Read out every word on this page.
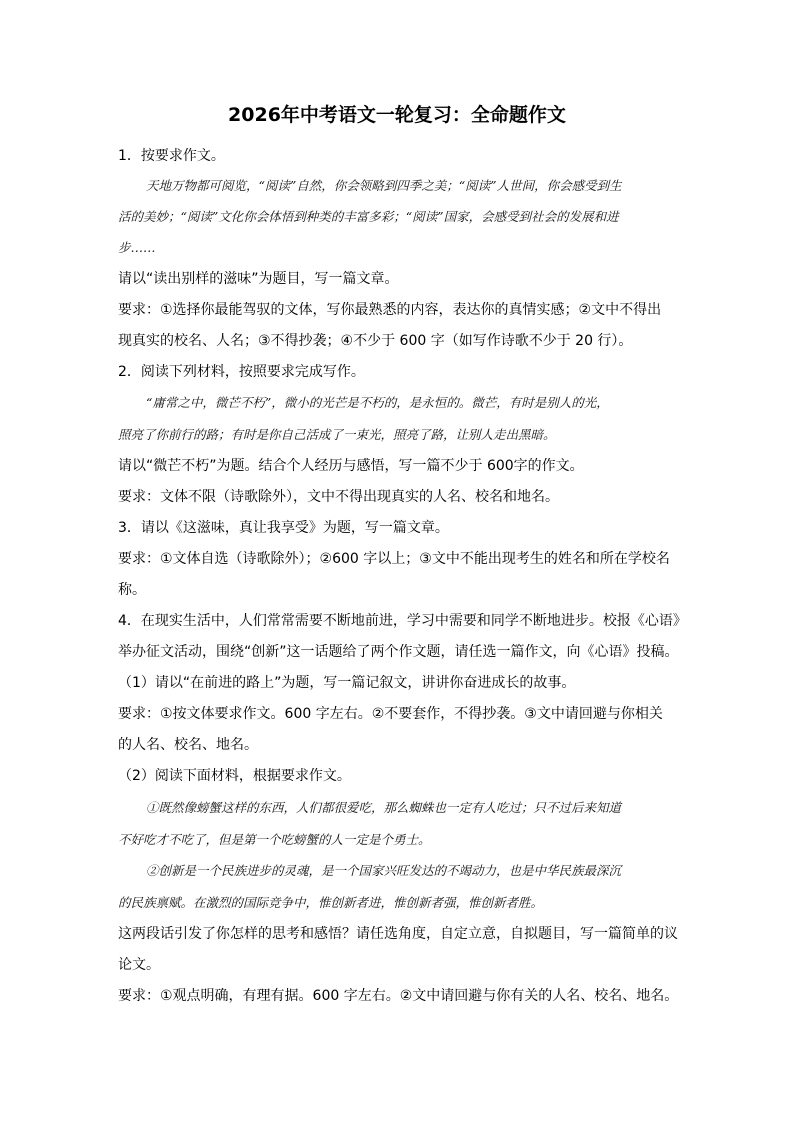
2026年中考语文一轮复习：全命题作文
1．按要求作文。
天地万物都可阅览，“阅读”自然，你会领略到四季之美；“阅读”人世间，你会感受到生
活的美妙；“阅读”文化你会体悟到种类的丰富多彩；“阅读”国家，会感受到社会的发展和进
步……
请以“读出别样的滋味”为题目，写一篇文章。
要求：①选择你最能驾驭的文体，写你最熟悉的内容，表达你的真情实感；②文中不得出
现真实的校名、人名；③不得抄袭；④不少于 600 字（如写作诗歌不少于 20 行）。
2．阅读下列材料，按照要求完成写作。
“庸常之中，微芒不朽”，微小的光芒是不朽的，是永恒的。微芒，有时是别人的光，
照亮了你前行的路；有时是你自己活成了一束光，照亮了路，让别人走出黑暗。
请以“微芒不朽”为题。结合个人经历与感悟，写一篇不少于 600字的作文。
要求：文体不限（诗歌除外），文中不得出现真实的人名、校名和地名。
3．请以《这滋味，真让我享受》为题，写一篇文章。
要求：①文体自选（诗歌除外）；②600 字以上；③文中不能出现考生的姓名和所在学校名
称。
4．在现实生活中，人们常常需要不断地前进，学习中需要和同学不断地进步。校报《心语》
举办征文活动，围绕“创新”这一话题给了两个作文题，请任选一篇作文，向《心语》投稿。
（1）请以“在前进的路上”为题，写一篇记叙文，讲讲你奋进成长的故事。
要求：①按文体要求作文。600 字左右。②不要套作，不得抄袭。③文中请回避与你相关
的人名、校名、地名。
（2）阅读下面材料，根据要求作文。
①既然像螃蟹这样的东西，人们都很爱吃，那么蜘蛛也一定有人吃过；只不过后来知道
不好吃才不吃了，但是第一个吃螃蟹的人一定是个勇士。
②创新是一个民族进步的灵魂，是一个国家兴旺发达的不竭动力，也是中华民族最深沉
的民族禀赋。在激烈的国际竞争中，惟创新者进，惟创新者强，惟创新者胜。
这两段话引发了你怎样的思考和感悟？请任选角度，自定立意，自拟题目，写一篇简单的议
论文。
要求：①观点明确，有理有据。600 字左右。②文中请回避与你有关的人名、校名、地名。
